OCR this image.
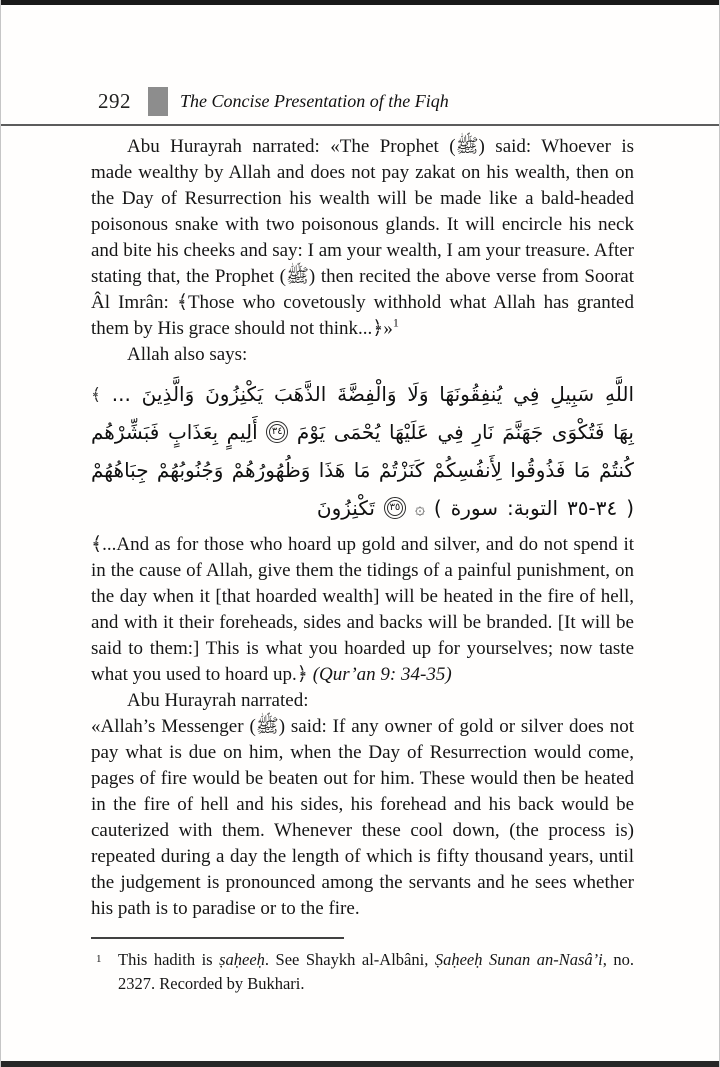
292	The Concise Presentation of the Fiqh

Abu Hurayrah narrated: «The Prophet (ﷺ) said: Whoever is made wealthy by Allah and does not pay zakat on his wealth, then on the Day of Resurrection his wealth will be made like a bald-headed poisonous snake with two poisonous glands. It will encircle his neck and bite his cheeks and say: I am your wealth, I am your treasure. After stating that, the Prophet (ﷺ) then recited the above verse from Soorat Âl Imrân: ﴾Those who covetously withhold what Allah has granted them by His grace should not think...﴿»$^1$

Allah also says:

﴾ ... وَالَّذِينَ يَكْنِزُونَ الذَّهَبَ وَالْفِضَّةَ وَلَا يُنفِقُونَهَا فِي سَبِيلِ اللَّهِ
فَبَشِّرْهُم بِعَذَابٍ أَلِيمٍ	٣٤ يَوْمَ يُحْمَى عَلَيْهَا فِي نَارِ جَهَنَّمَ فَتُكْوَى بِهَا
جِبَاهُهُمْ وَجُنُوبُهُمْ وَظُهُورُهُمْ هَذَا مَا كَنَزْتُمْ لِأَنفُسِكُمْ فَذُوقُوا مَا كُنتُمْ
تَكْنِزُونَ	٣٥ ۞ ( سورة التوبة: ٣٤-٣٥ )

﴾...And as for those who hoard up gold and silver, and do not spend it in the cause of Allah, give them the tidings of a painful punishment, on the day when it [that hoarded wealth] will be heated in the fire of hell, and with it their foreheads, sides and backs will be branded. [It will be said to them:] This is what you hoarded up for yourselves; now taste what you used to hoard up.﴿ (Qur’an 9: 34-35)

Abu Hurayrah narrated:

«Allah’s Messenger (ﷺ) said: If any owner of gold or silver does not pay what is due on him, when the Day of Resurrection would come, pages of fire would be beaten out for him. These would then be heated in the fire of hell and his sides, his forehead and his back would be cauterized with them. Whenever these cool down, (the process is) repeated during a day the length of which is fifty thousand years, until the judgement is pronounced among the servants and he sees whether his path is to paradise or to the fire.

1 This hadith is ṣaḥeeḥ. See Shaykh al-Albâni, Ṣaḥeeḥ Sunan an-Nasâ’i, no. 2327. Recorded by Bukhari.
